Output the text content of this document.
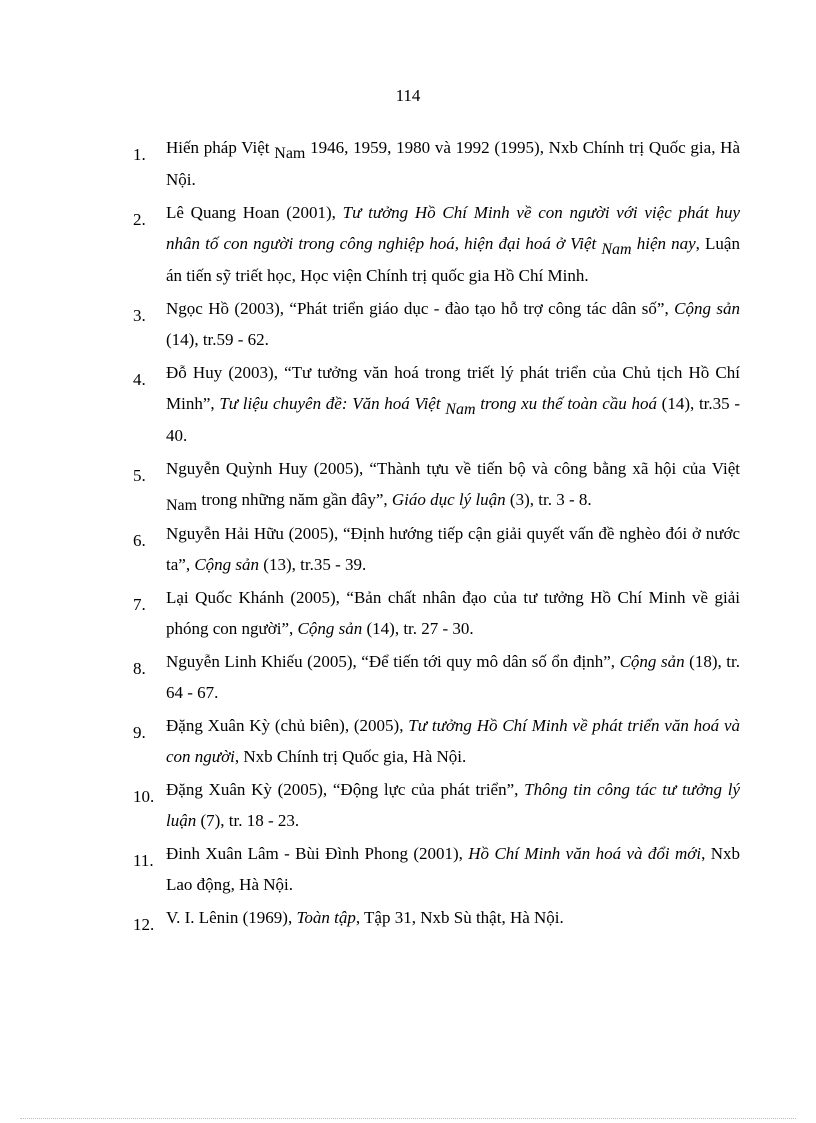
114
1. Hiến pháp Việt Nam 1946, 1959, 1980 và 1992 (1995), Nxb Chính trị Quốc gia, Hà Nội.
2. Lê Quang Hoan (2001), Tư tưởng Hồ Chí Minh về con người với việc phát huy nhân tố con người trong công nghiệp hoá, hiện đại hoá ở Việt Nam hiện nay, Luận án tiến sỹ triết học, Học viện Chính trị quốc gia Hồ Chí Minh.
3. Ngọc Hồ (2003), “Phát triển giáo dục - đào tạo hỗ trợ công tác dân số”, Cộng sản (14), tr.59 - 62.
4. Đỗ Huy (2003), “Tư tưởng văn hoá trong triết lý phát triển của Chủ tịch Hồ Chí Minh”, Tư liệu chuyên đề: Văn hoá Việt Nam trong xu thế toàn cầu hoá (14), tr.35 - 40.
5. Nguyễn Quỳnh Huy (2005), “Thành tựu về tiến bộ và công bằng xã hội của Việt Nam trong những năm gần đây”, Giáo dục lý luận (3), tr. 3 - 8.
6. Nguyễn Hải Hữu (2005), “Định hướng tiếp cận giải quyết vấn đề nghèo đói ở nước ta”, Cộng sản (13), tr.35 - 39.
7. Lại Quốc Khánh (2005), “Bản chất nhân đạo của tư tưởng Hồ Chí Minh về giải phóng con người”, Cộng sản (14), tr. 27 - 30.
8. Nguyễn Linh Khiếu (2005), “Để tiến tới quy mô dân số ổn định”, Cộng sản (18), tr. 64 - 67.
9. Đặng Xuân Kỳ (chủ biên), (2005), Tư tưởng Hồ Chí Minh về phát triển văn hoá và con người, Nxb Chính trị Quốc gia, Hà Nội.
10. Đặng Xuân Kỳ (2005), “Động lực của phát triển”, Thông tin công tác tư tưởng lý luận (7), tr. 18 - 23.
11. Đinh Xuân Lâm - Bùi Đình Phong (2001), Hồ Chí Minh văn hoá và đổi mới, Nxb Lao động, Hà Nội.
12. V. I. Lênin (1969), Toàn tập, Tập 31, Nxb Sù thật, Hà Nội.
